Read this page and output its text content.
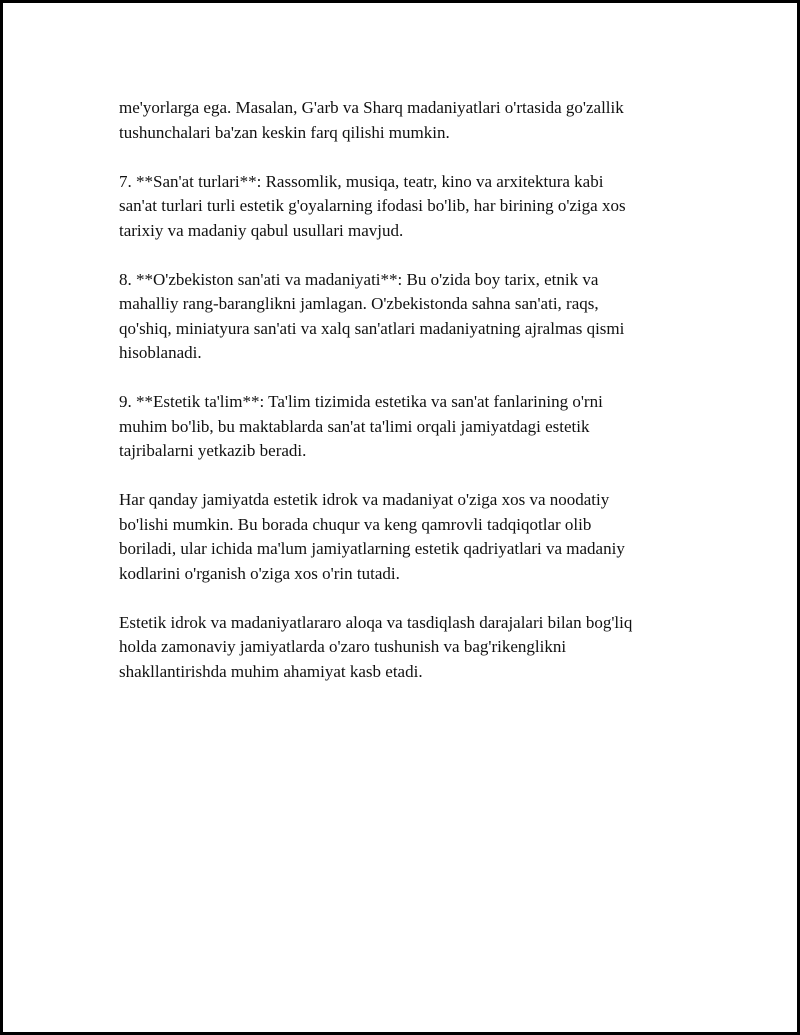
me'yorlarga ega. Masalan, G'arb va Sharq madaniyatlari o'rtasida go'zallik
tushunchalari ba'zan keskin farq qilishi mumkin.

7. **San'at turlari**: Rassomlik, musiqa, teatr, kino va arxitektura kabi
san'at turlari turli estetik g'oyalarning ifodasi bo'lib, har birining o'ziga xos
tarixiy va madaniy qabul usullari mavjud.

8. **O'zbekiston san'ati va madaniyati**: Bu o'zida boy tarix, etnik va
mahalliy rang-baranglikni jamlagan. O'zbekistonda sahna san'ati, raqs,
qo'shiq, miniatyura san'ati va xalq san'atlari madaniyatning ajralmas qismi
hisoblanadi.

9. **Estetik ta'lim**: Ta'lim tizimida estetika va san'at fanlarining o'rni
muhim bo'lib, bu maktablarda san'at ta'limi orqali jamiyatdagi estetik
tajribalarni yetkazib beradi.

Har qanday jamiyatda estetik idrok va madaniyat o'ziga xos va noodatiy
bo'lishi mumkin. Bu borada chuqur va keng qamrovli tadqiqotlar olib
boriladi, ular ichida ma'lum jamiyatlarning estetik qadriyatlari va madaniy
kodlarini o'rganish o'ziga xos o'rin tutadi.

Estetik idrok va madaniyatlararo aloqa va tasdiqlash darajalari bilan bog'liq
holda zamonaviy jamiyatlarda o'zaro tushunish va bag'rikenglikni
shakllantirishda muhim ahamiyat kasb etadi.
